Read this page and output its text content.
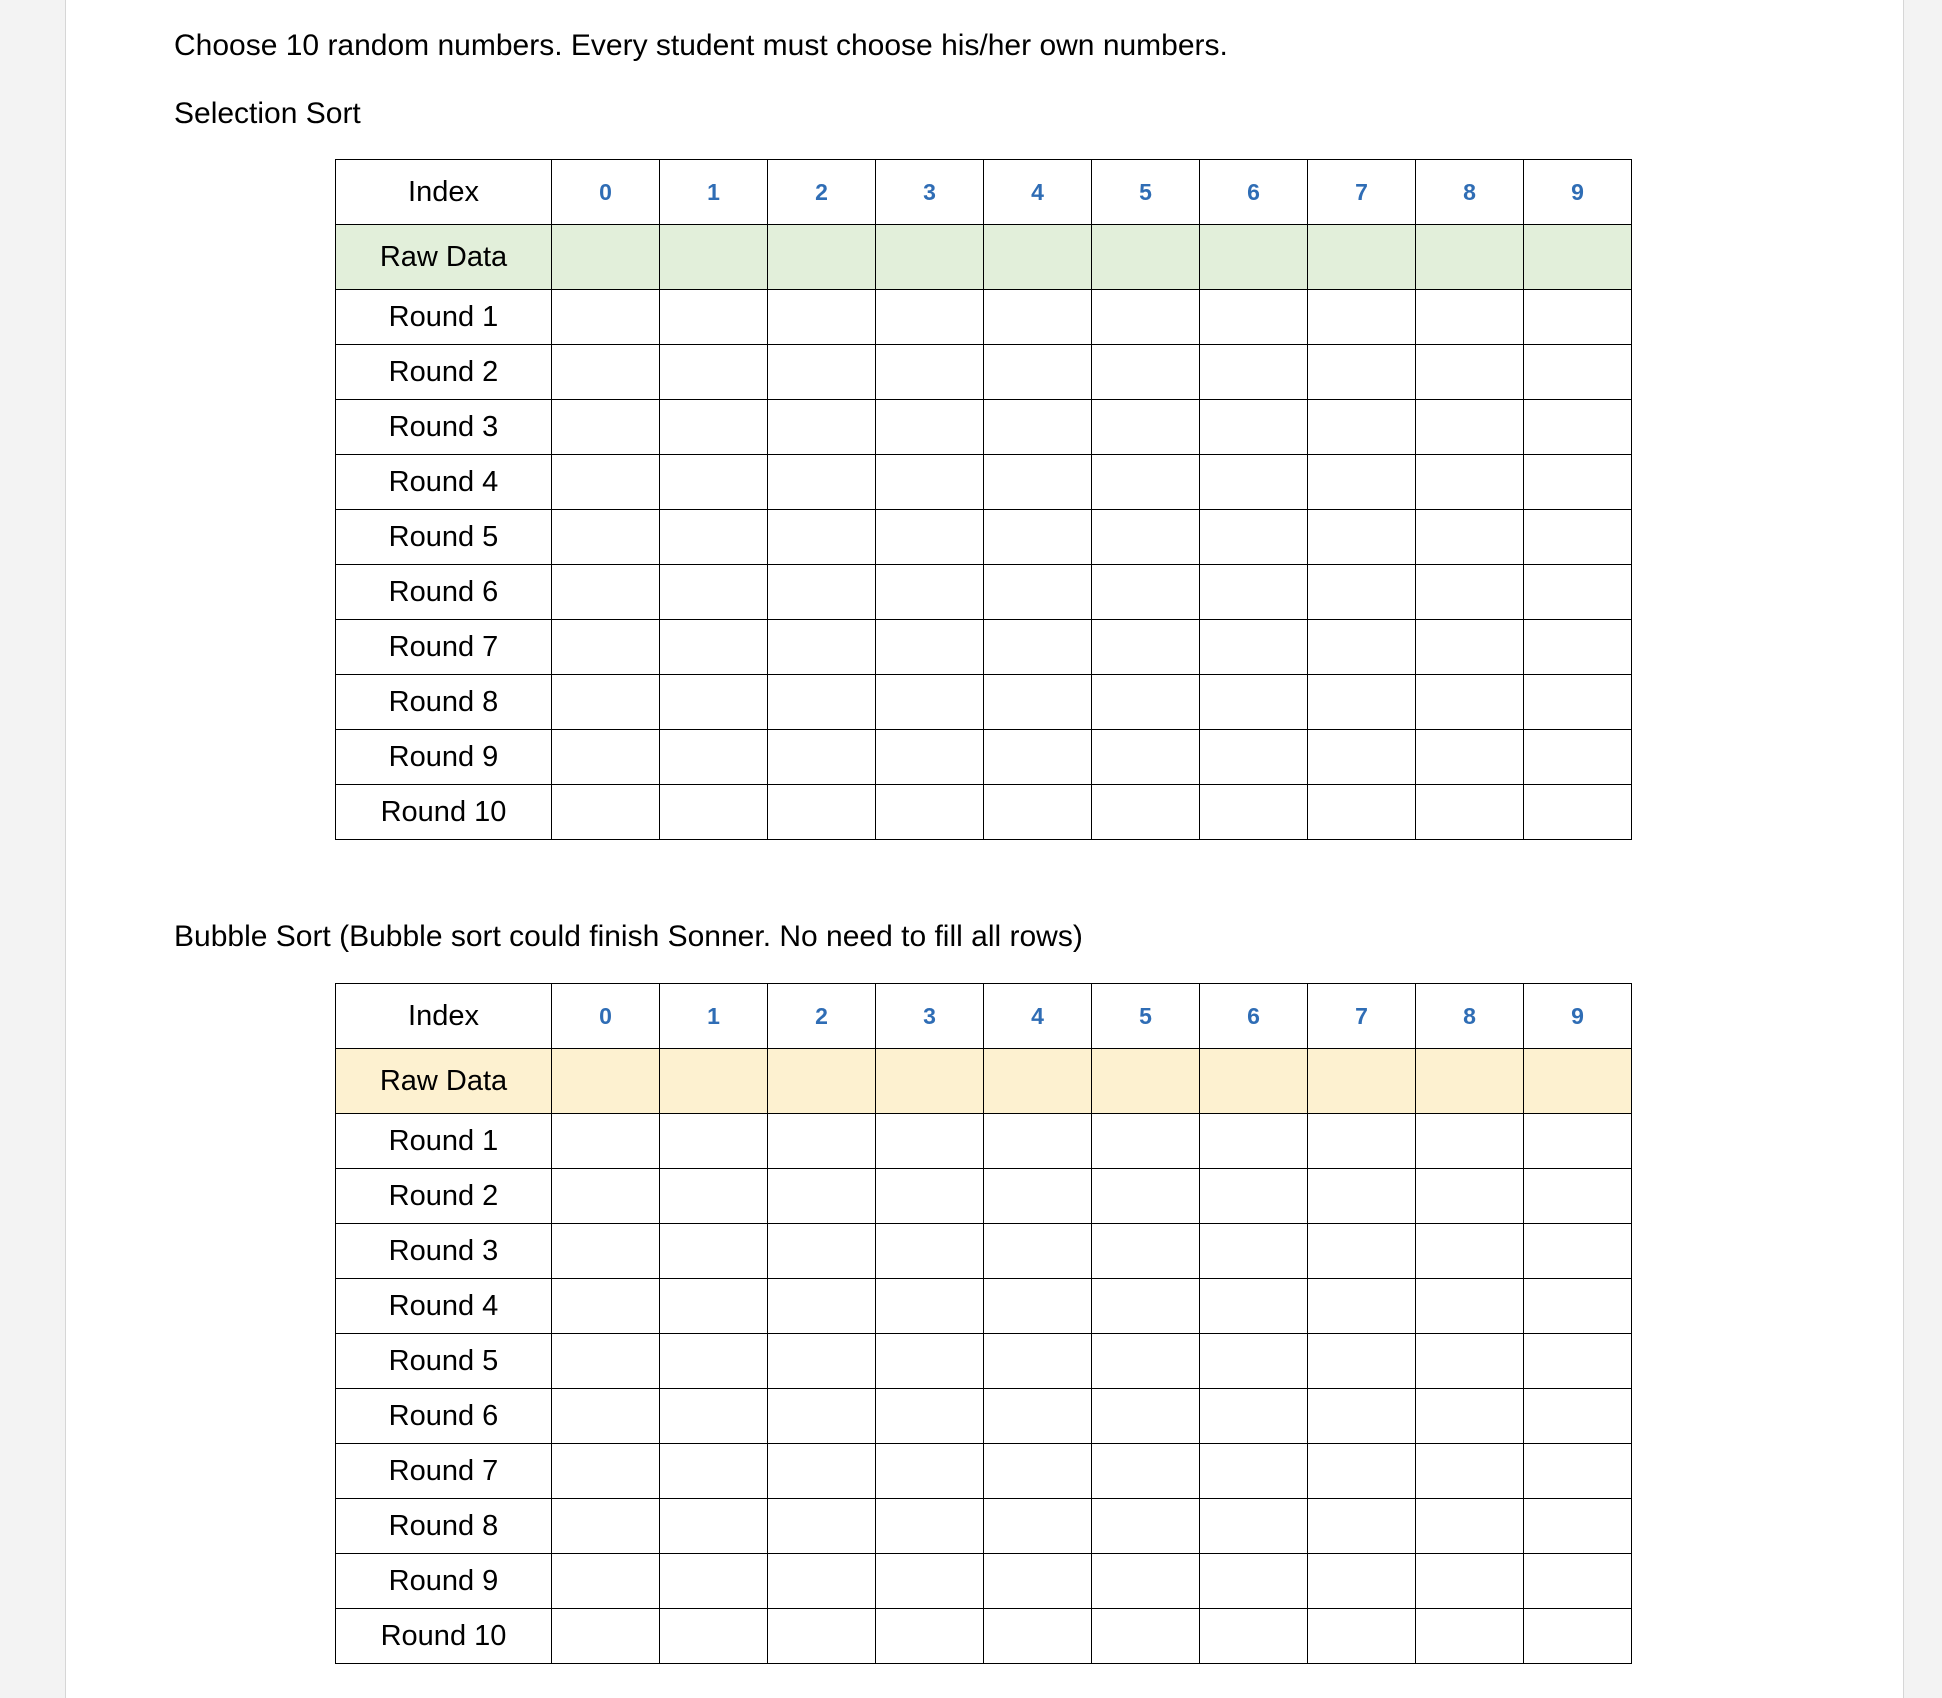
Choose 10 random numbers. Every student must choose his/her own numbers.
Selection Sort
Index	0	1	2	3	4	5	6	7	8	9
Raw Data										
Round 1										
Round 2										
Round 3										
Round 4										
Round 5										
Round 6										
Round 7										
Round 8										
Round 9										
Round 10										
Bubble Sort (Bubble sort could finish Sonner. No need to fill all rows)
Index	0	1	2	3	4	5	6	7	8	9
Raw Data										
Round 1										
Round 2										
Round 3										
Round 4										
Round 5										
Round 6										
Round 7										
Round 8										
Round 9										
Round 10										
